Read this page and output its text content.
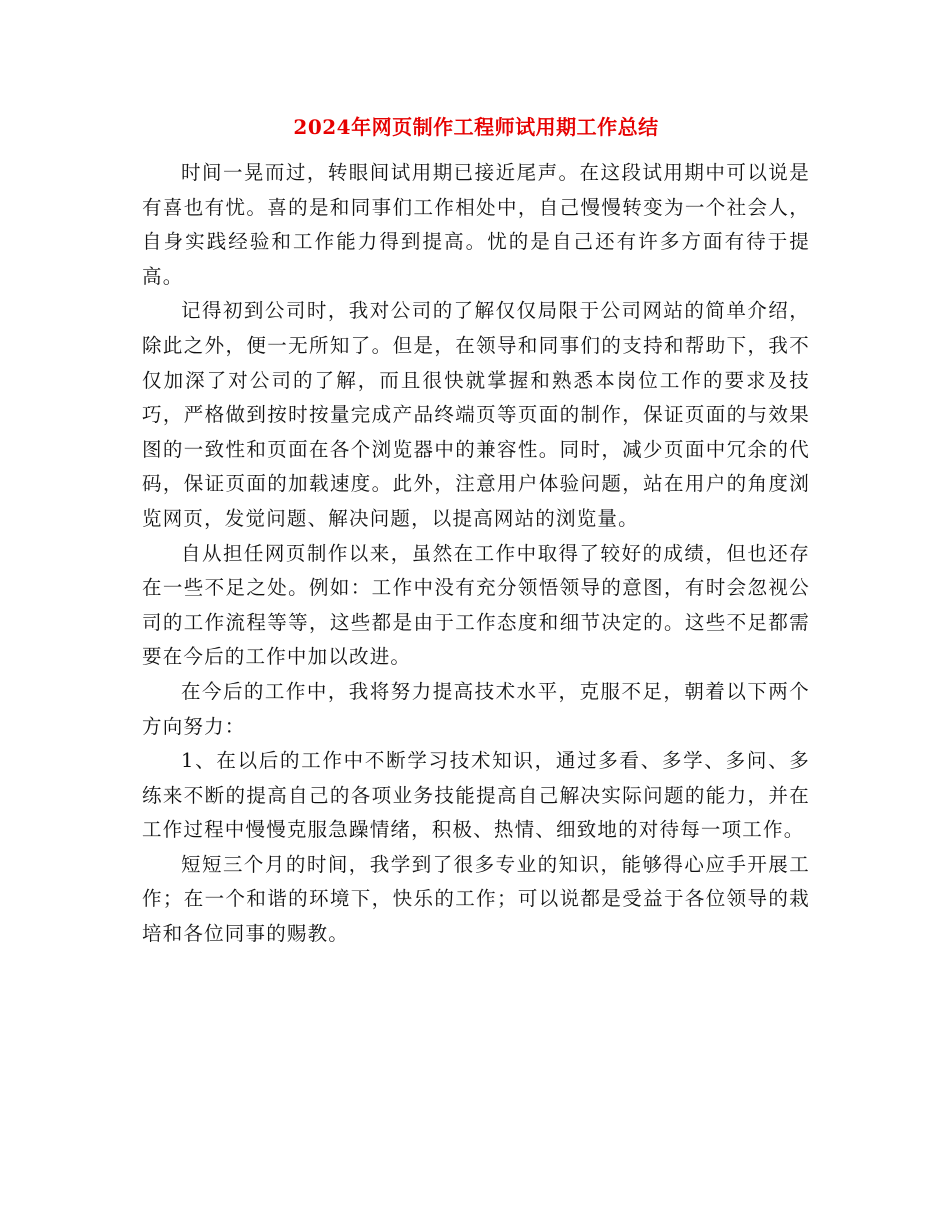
2024年网页制作工程师试用期工作总结

时间一晃而过，转眼间试用期已接近尾声。在这段试用期中可以说是有喜也有忧。喜的是和同事们工作相处中，自己慢慢转变为一个社会人，自身实践经验和工作能力得到提高。忧的是自己还有许多方面有待于提高。

记得初到公司时，我对公司的了解仅仅局限于公司网站的简单介绍，除此之外，便一无所知了。但是，在领导和同事们的支持和帮助下，我不仅加深了对公司的了解，而且很快就掌握和熟悉本岗位工作的要求及技巧，严格做到按时按量完成产品终端页等页面的制作，保证页面的与效果图的一致性和页面在各个浏览器中的兼容性。同时，减少页面中冗余的代码，保证页面的加载速度。此外，注意用户体验问题，站在用户的角度浏览网页，发觉问题、解决问题，以提高网站的浏览量。

自从担任网页制作以来，虽然在工作中取得了较好的成绩，但也还存在一些不足之处。例如：工作中没有充分领悟领导的意图，有时会忽视公司的工作流程等等，这些都是由于工作态度和细节决定的。这些不足都需要在今后的工作中加以改进。

在今后的工作中，我将努力提高技术水平，克服不足，朝着以下两个方向努力：

1、在以后的工作中不断学习技术知识，通过多看、多学、多问、多练来不断的提高自己的各项业务技能提高自己解决实际问题的能力，并在工作过程中慢慢克服急躁情绪，积极、热情、细致地的对待每一项工作。

短短三个月的时间，我学到了很多专业的知识，能够得心应手开展工作；在一个和谐的环境下，快乐的工作；可以说都是受益于各位领导的栽培和各位同事的赐教。
